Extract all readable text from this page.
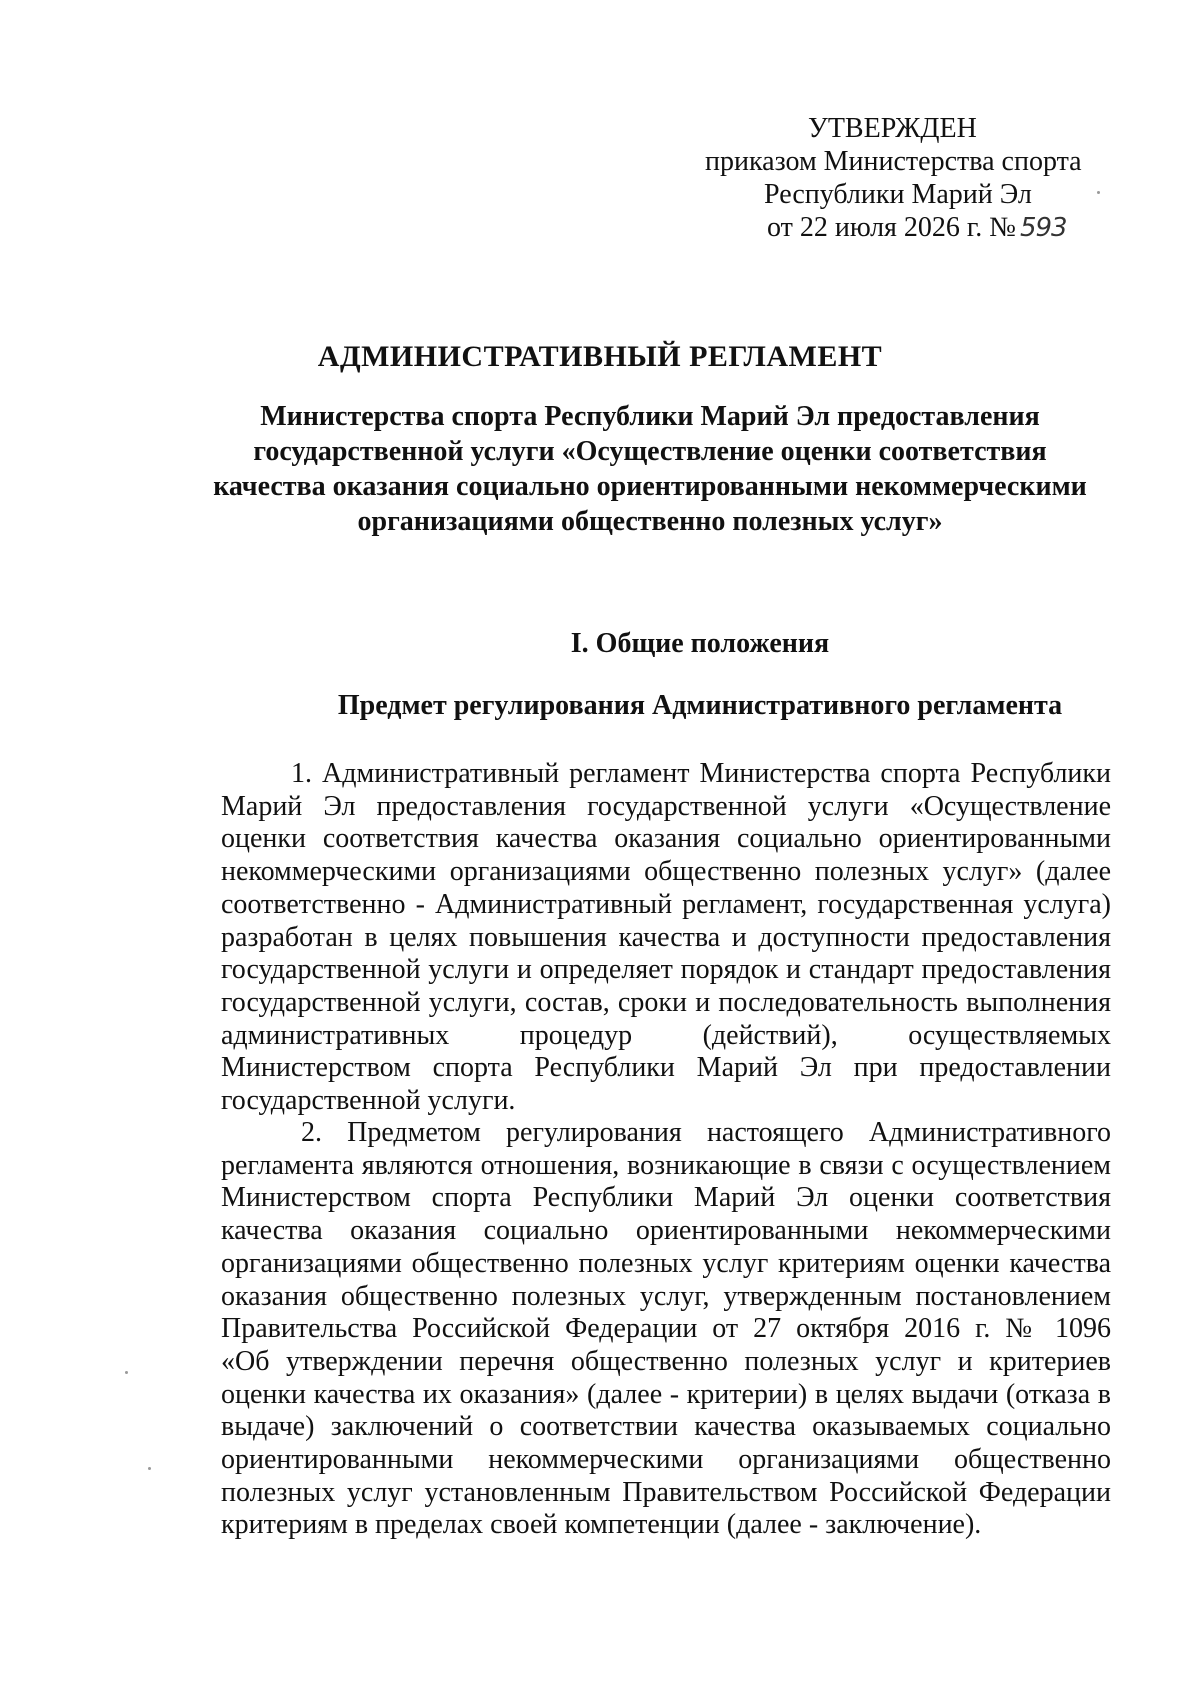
УТВЕРЖДЕН
приказом Министерства спорта
Республики Марий Эл
от 22 июля 2026 г. № 593
АДМИНИСТРАТИВНЫЙ РЕГЛАМЕНТ
Министерства спорта Республики Марий Эл предоставления
государственной услуги «Осуществление оценки соответствия
качества оказания социально ориентированными некоммерческими
организациями общественно полезных услуг»
I. Общие положения
Предмет регулирования Административного регламента
1. Административный регламент Министерства спорта Республики
Марий Эл предоставления государственной услуги «Осуществление
оценки соответствия качества оказания социально ориентированными
некоммерческими организациями общественно полезных услуг» (далее
соответственно - Административный регламент, государственная услуга)
разработан в целях повышения качества и доступности предоставления
государственной услуги и определяет порядок и стандарт предоставления
государственной услуги, состав, сроки и последовательность выполнения
административных процедур (действий), осуществляемых
Министерством спорта Республики Марий Эл при предоставлении
государственной услуги.
2. Предметом регулирования настоящего Административного
регламента являются отношения, возникающие в связи с осуществлением
Министерством спорта Республики Марий Эл оценки соответствия
качества оказания социально ориентированными некоммерческими
организациями общественно полезных услуг критериям оценки качества
оказания общественно полезных услуг, утвержденным постановлением
Правительства Российской Федерации от 27 октября 2016 г. № 1096
«Об утверждении перечня общественно полезных услуг и критериев
оценки качества их оказания» (далее - критерии) в целях выдачи (отказа в
выдаче) заключений о соответствии качества оказываемых социально
ориентированными некоммерческими организациями общественно
полезных услуг установленным Правительством Российской Федерации
критериям в пределах своей компетенции (далее - заключение).
